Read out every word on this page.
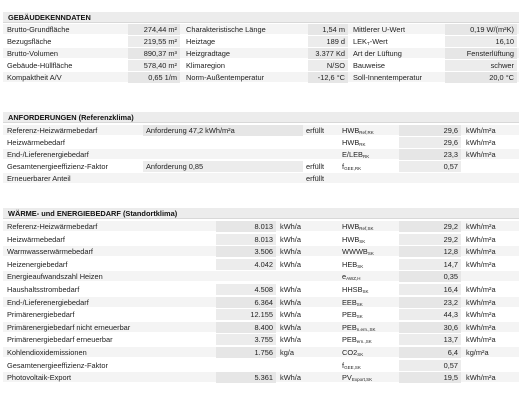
GEBÄUDEKENNDATEN
Brutto-Grundfläche	274,44 m²	Charakteristische Länge	1,54 m	Mittlerer U-Wert	0,19 W/(m²K)
Bezugsfläche	219,55 m²	Heiztage	189 d	$LEK_T$-Wert	16,10
Brutto-Volumen	890,37 m³	Heizgradtage	3.377 Kd	Art der Lüftung	Fensterlüftung
Gebäude-Hüllfläche	578,40 m²	Klimaregion	N/SO	Bauweise	schwer
Kompaktheit A/V	0,65 1/m	Norm-Außentemperatur	-12,6 °C	Soll-Innentemperatur	20,0 °C
ANFORDERUNGEN (Referenzklima)
Referenz-Heizwärmebedarf	Anforderung 47,2 kWh/m²a	erfüllt	$HWB_{Ref,RK}$	29,6	kWh/m²a
Heizwärmebedarf	$HWB_{RK}$	29,6	kWh/m²a
End-/Lieferenergiebedarf	$E/LEB_{RK}$	23,3	kWh/m²a
Gesamtenergieeffizienz-Faktor	Anforderung 0,85	erfüllt	$f_{GEE,RK}$	0,57
Erneuerbarer Anteil	erfüllt
WÄRME- und ENERGIEBEDARF (Standortklima)
Referenz-Heizwärmebedarf	8.013 kWh/a	$HWB_{Ref,SK}$	29,2	kWh/m²a
Heizwärmebedarf	8.013 kWh/a	$HWB_{SK}$	29,2	kWh/m²a
Warmwasserwärmebedarf	3.506 kWh/a	$WWWB_{SK}$	12,8	kWh/m²a
Heizenergiebedarf	4.042 kWh/a	$HEB_{SK}$	14,7	kWh/m²a
Energieaufwandszahl Heizen	$e_{AWZ,H}$	0,35
Haushaltsstrombedarf	4.508 kWh/a	$HHSB_{SK}$	16,4	kWh/m²a
End-/Lieferenergiebedarf	6.364 kWh/a	$EEB_{SK}$	23,2	kWh/m²a
Primärenergiebedarf	12.155 kWh/a	$PEB_{SK}$	44,3	kWh/m²a
Primärenergiebedarf nicht erneuerbar	8.400 kWh/a	$PEB_{n.ern.,SK}$	30,6	kWh/m²a
Primärenergiebedarf erneuerbar	3.755 kWh/a	$PEB_{ern.,SK}$	13,7	kWh/m²a
Kohlendioxidemissionen	1.756 kg/a	$CO2_{SK}$	6,4	kg/m²a
Gesamtenergieeffizienz-Faktor	$f_{GEE,SK}$	0,57
Photovoltaik-Export	5.361 kWh/a	$PV_{Export,SK}$	19,5	kWh/m²a
